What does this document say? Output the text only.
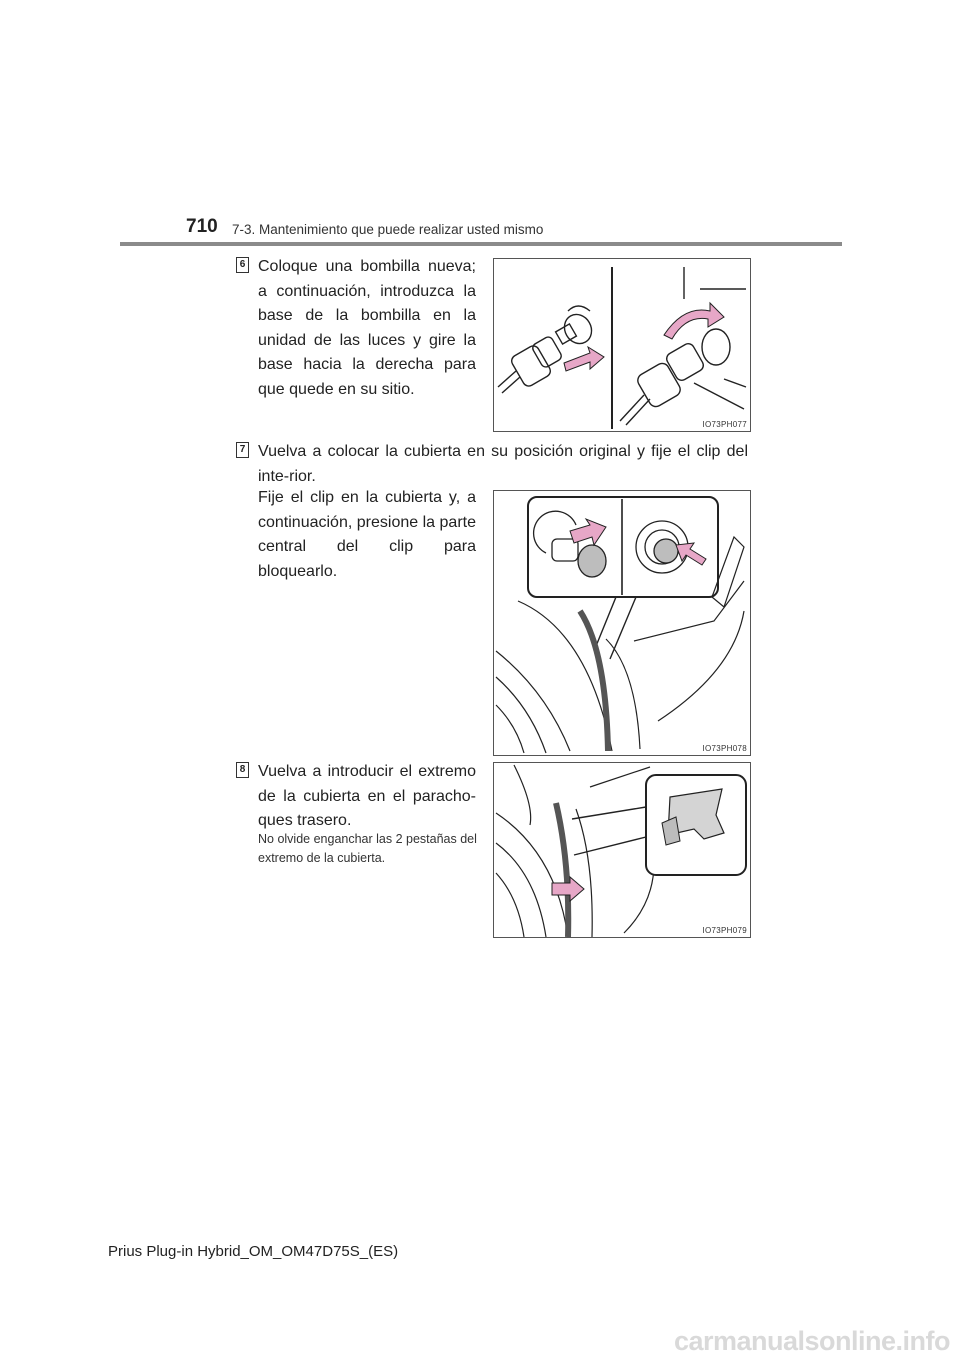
710 7-3. Mantenimiento que puede realizar usted mismo
6 Coloque una bombilla nueva; a continuación, introduzca la base de la bombilla en la unidad de las luces y gire la base hacia la derecha para que quede en su sitio.
IO73PH077
7 Vuelva a colocar la cubierta en su posición original y fije el clip del inte-rior.
Fije el clip en la cubierta y, a continuación, presione la parte central del clip para bloquearlo.
IO73PH078
8 Vuelva a introducir el extremo de la cubierta en el paracho-ques trasero.
No olvide enganchar las 2 pestañas del extremo de la cubierta.
IO73PH079
Prius Plug-in Hybrid_OM_OM47D75S_(ES)
carmanualsonline.info
